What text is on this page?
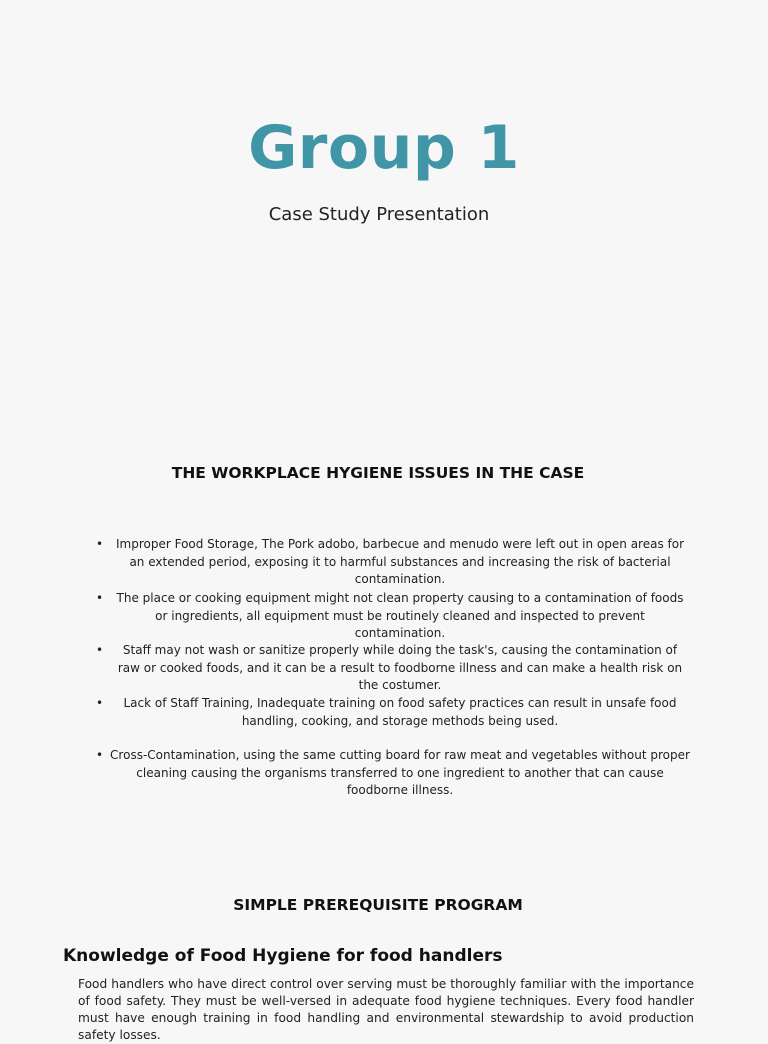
Group 1

Case Study Presentation

THE WORKPLACE HYGIENE ISSUES IN THE CASE
• Improper Food Storage, The Pork adobo, barbecue and menudo were left out in open areas for an extended period, exposing it to harmful substances and increasing the risk of bacterial contamination.
• The place or cooking equipment might not clean property causing to a contamination of foods or ingredients, all equipment must be routinely cleaned and inspected to prevent contamination.
• Staff may not wash or sanitize properly while doing the task's, causing the contamination of raw or cooked foods, and it can be a result to foodborne illness and can make a health risk on the costumer.
• Lack of Staff Training, Inadequate training on food safety practices can result in unsafe food handling, cooking, and storage methods being used.
• Cross-Contamination, using the same cutting board for raw meat and vegetables without proper cleaning causing the organisms transferred to one ingredient to another that can cause foodborne illness.
SIMPLE PREREQUISITE PROGRAM
Knowledge of Food Hygiene for food handlers

Food handlers who have direct control over serving must be thoroughly familiar with the importance of food safety. They must be well-versed in adequate food hygiene techniques. Every food handler must have enough training in food handling and environmental stewardship to avoid production safety losses.
